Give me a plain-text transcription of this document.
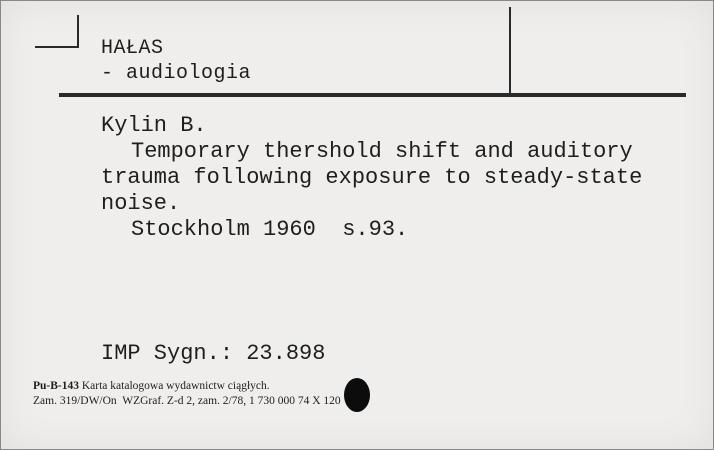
HAŁAS
- audiologia
Kylin B.
Temporary thershold shift and auditory
trauma following exposure to steady-state
noise.
Stockholm 1960  s.93.
IMP Sygn.: 23.898
Pu-B-143 Karta katalogowa wydawnictw ciągłych.
Zam. 319/DW/On  WZGraf. Z-d 2, zam. 2/78, 1 730 000 74 X 120
